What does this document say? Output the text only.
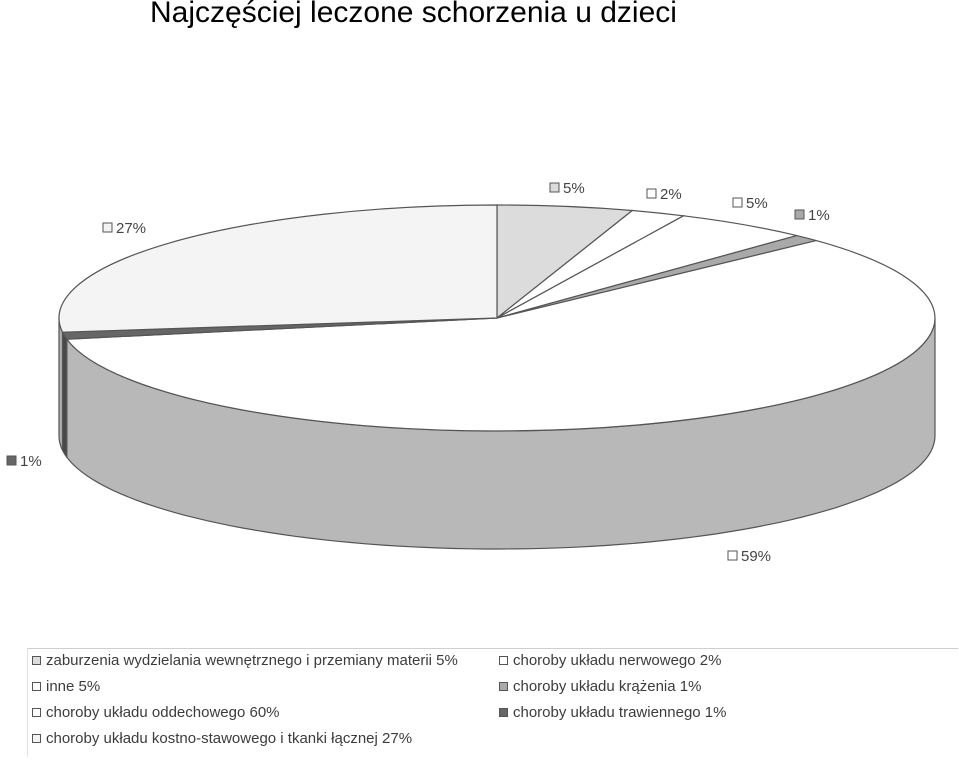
Najczęściej leczone schorzenia u dzieci
5%	2%
5%
1%
59%
1%
27%
zaburzenia wydzielania wewnętrznego i przemiany materii 5%
inne 5%
choroby układu oddechowego 60%
choroby układu kostno-stawowego i tkanki łącznej 27%
choroby układu nerwowego 2%
choroby układu krążenia 1%
choroby układu trawiennego 1%
